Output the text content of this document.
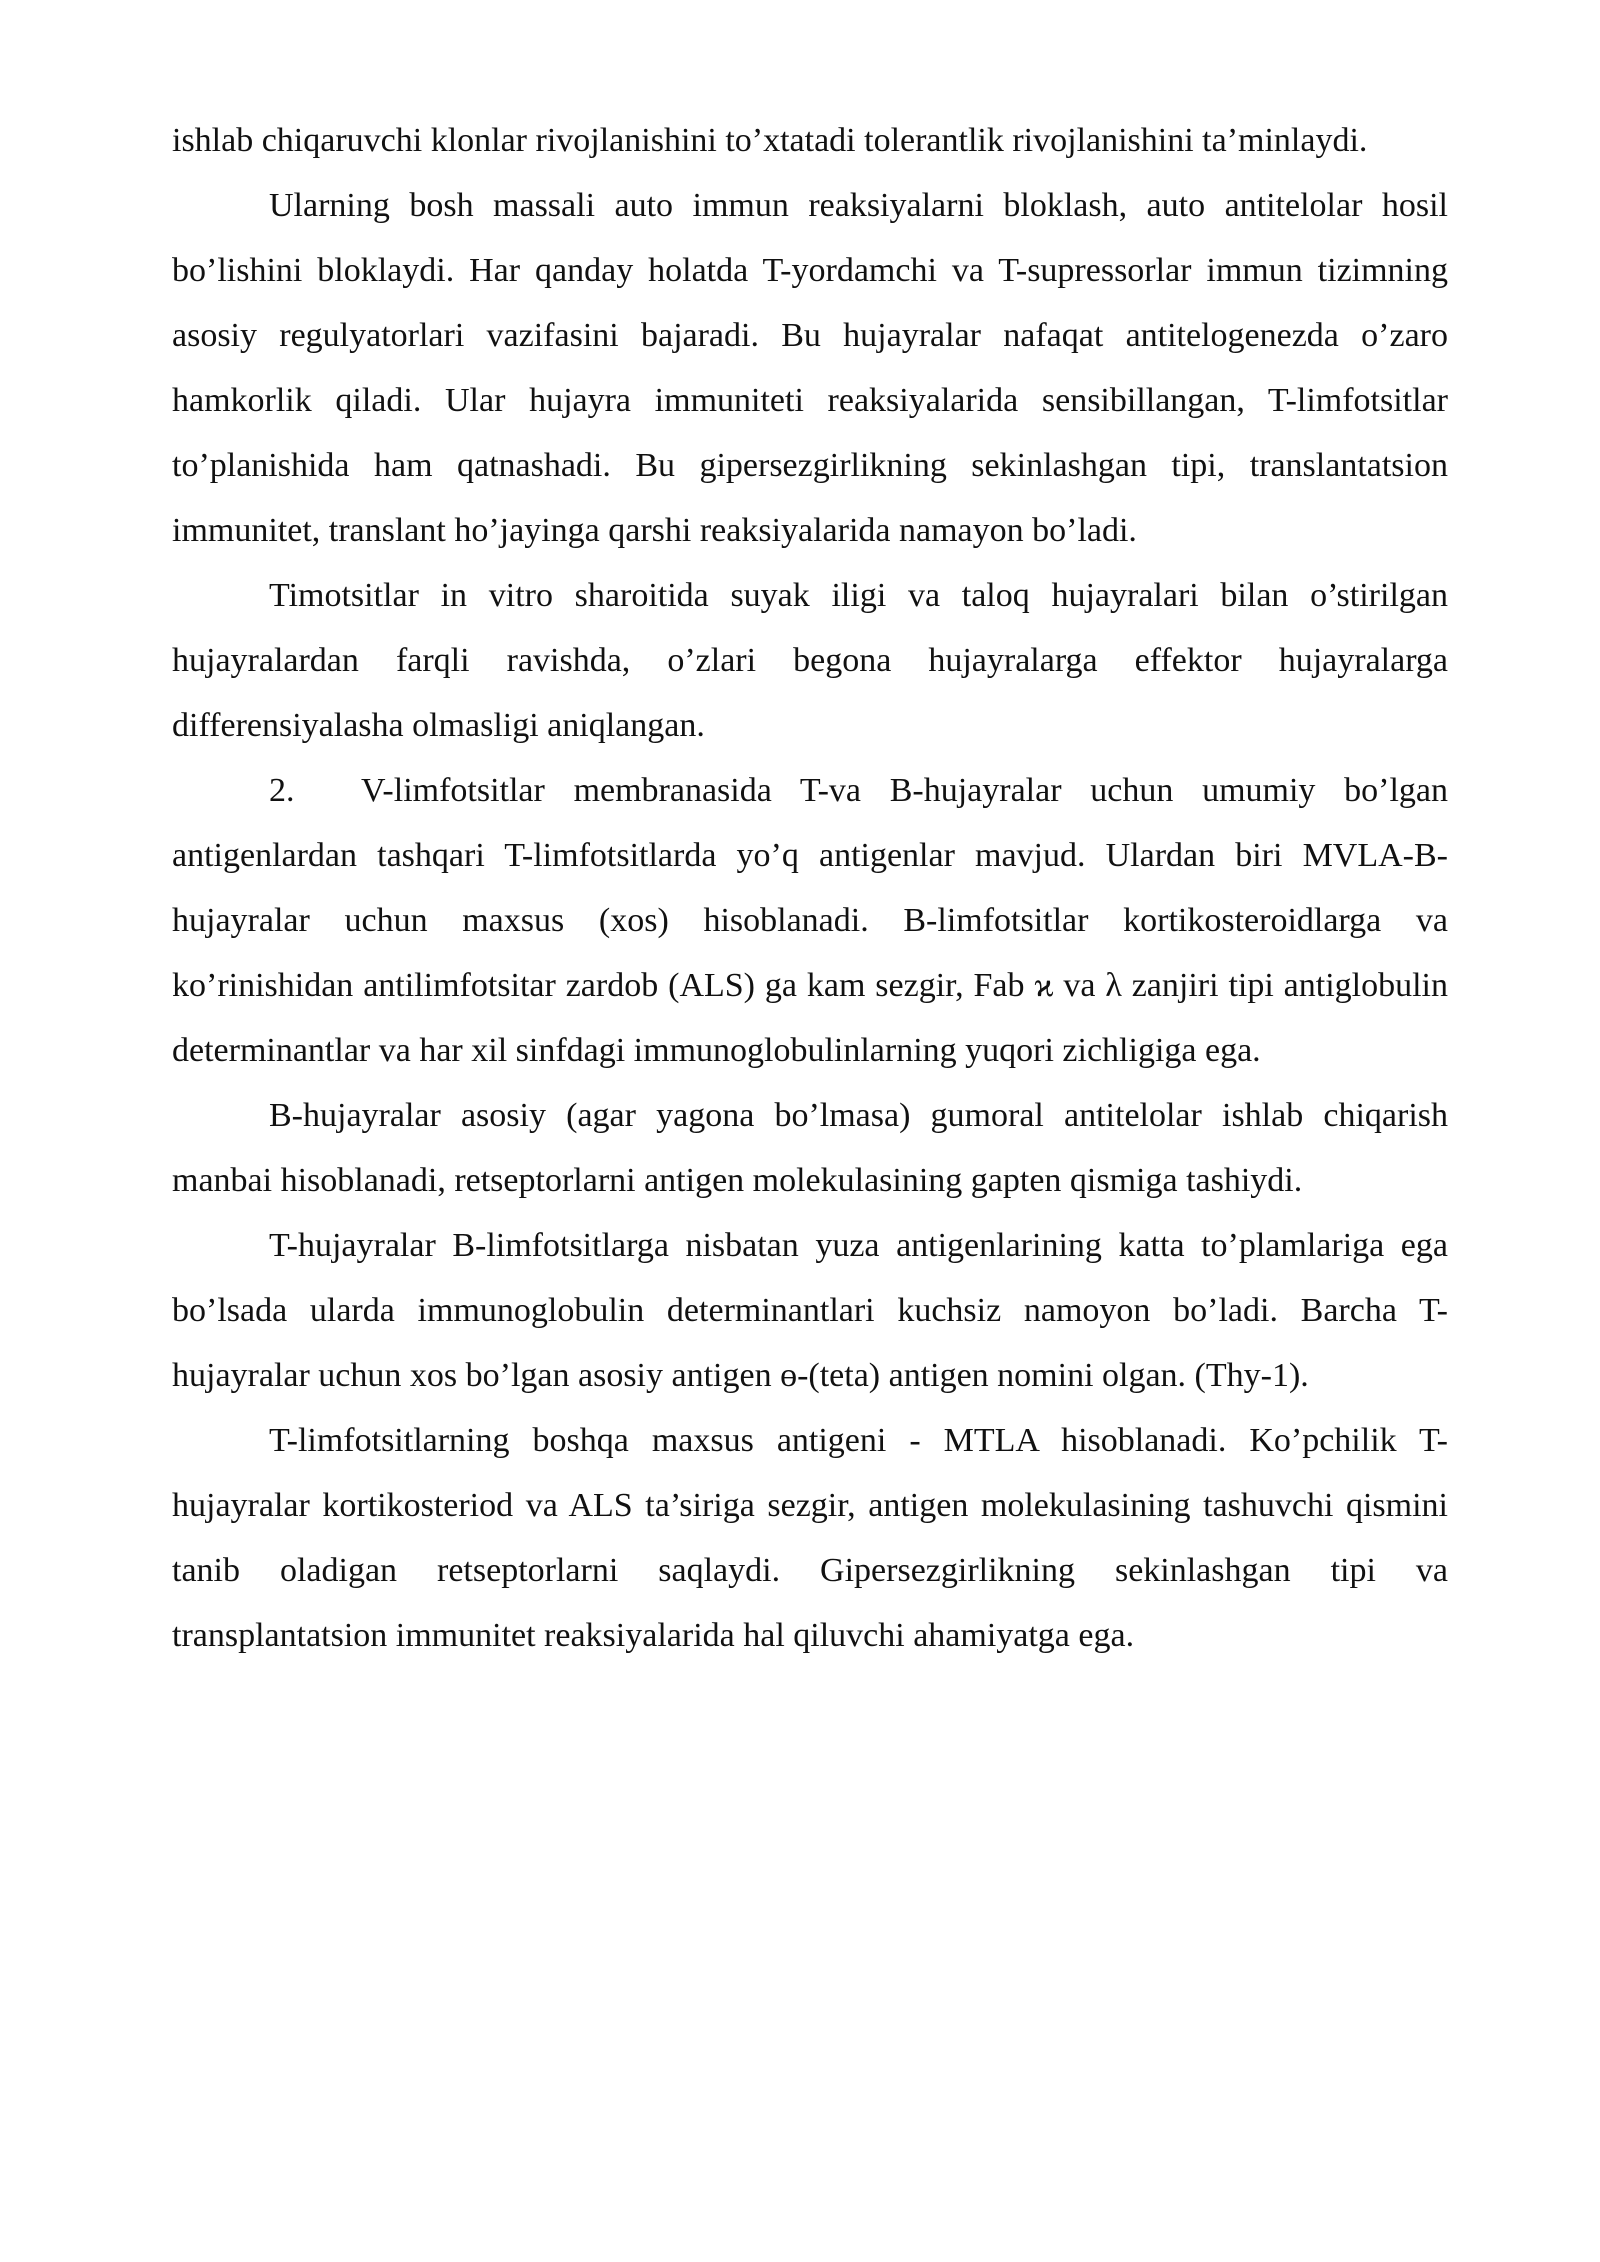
ishlab chiqaruvchi klonlar rivojlanishini to’xtatadi tolerantlik rivojlanishini ta’minlaydi.

Ularning bosh massali auto immun reaksiyalarni bloklash, auto antitelolar hosil bo’lishini bloklaydi. Har qanday holatda T-yordamchi va T-supressorlar immun tizimning asosiy regulyatorlari vazifasini bajaradi. Bu hujayralar nafaqat antitelogenezda o’zaro hamkorlik qiladi. Ular hujayra immuniteti reaksiyalarida sensibillangan, T-limfotsitlar to’planishida ham qatnashadi. Bu gipersezgirlikning sekinlashgan tipi, translantatsion immunitet, translant ho’jayinga qarshi reaksiyalarida namayon bo’ladi.

Timotsitlar in vitro sharoitida suyak iligi va taloq hujayralari bilan o’stirilgan hujayralardan farqli ravishda, o’zlari begona hujayralarga effektor hujayralarga differensiyalasha olmasligi aniqlangan.

2. V-limfotsitlar membranasida T-va B-hujayralar uchun umumiy bo’lgan antigenlardan tashqari T-limfotsitlarda yo’q antigenlar mavjud. Ulardan biri MVLA-B-hujayralar uchun maxsus (xos) hisoblanadi. B-limfotsitlar kortikosteroidlarga va ko’rinishidan antilimfotsitar zardob (ALS) ga kam sezgir, Fab ϰ va λ zanjiri tipi antiglobulin determinantlar va har xil sinfdagi immunoglobulinlarning yuqori zichligiga ega.

B-hujayralar asosiy (agar yagona bo’lmasa) gumoral antitelolar ishlab chiqarish manbai hisoblanadi, retseptorlarni antigen molekulasining gapten qismiga tashiydi.

T-hujayralar B-limfotsitlarga nisbatan yuza antigenlarining katta to’plamlariga ega bo’lsada ularda immunoglobulin determinantlari kuchsiz namoyon bo’ladi. Barcha T-hujayralar uchun xos bo’lgan asosiy antigen ɵ-(teta) antigen nomini olgan. (Thy-1).

T-limfotsitlarning boshqa maxsus antigeni - MTLA hisoblanadi. Ko’pchilik T-hujayralar kortikosteriod va ALS ta’siriga sezgir, antigen molekulasining tashuvchi qismini tanib oladigan retseptorlarni saqlaydi. Gipersezgirlikning sekinlashgan tipi va transplantatsion immunitet reaksiyalarida hal qiluvchi ahamiyatga ega.
